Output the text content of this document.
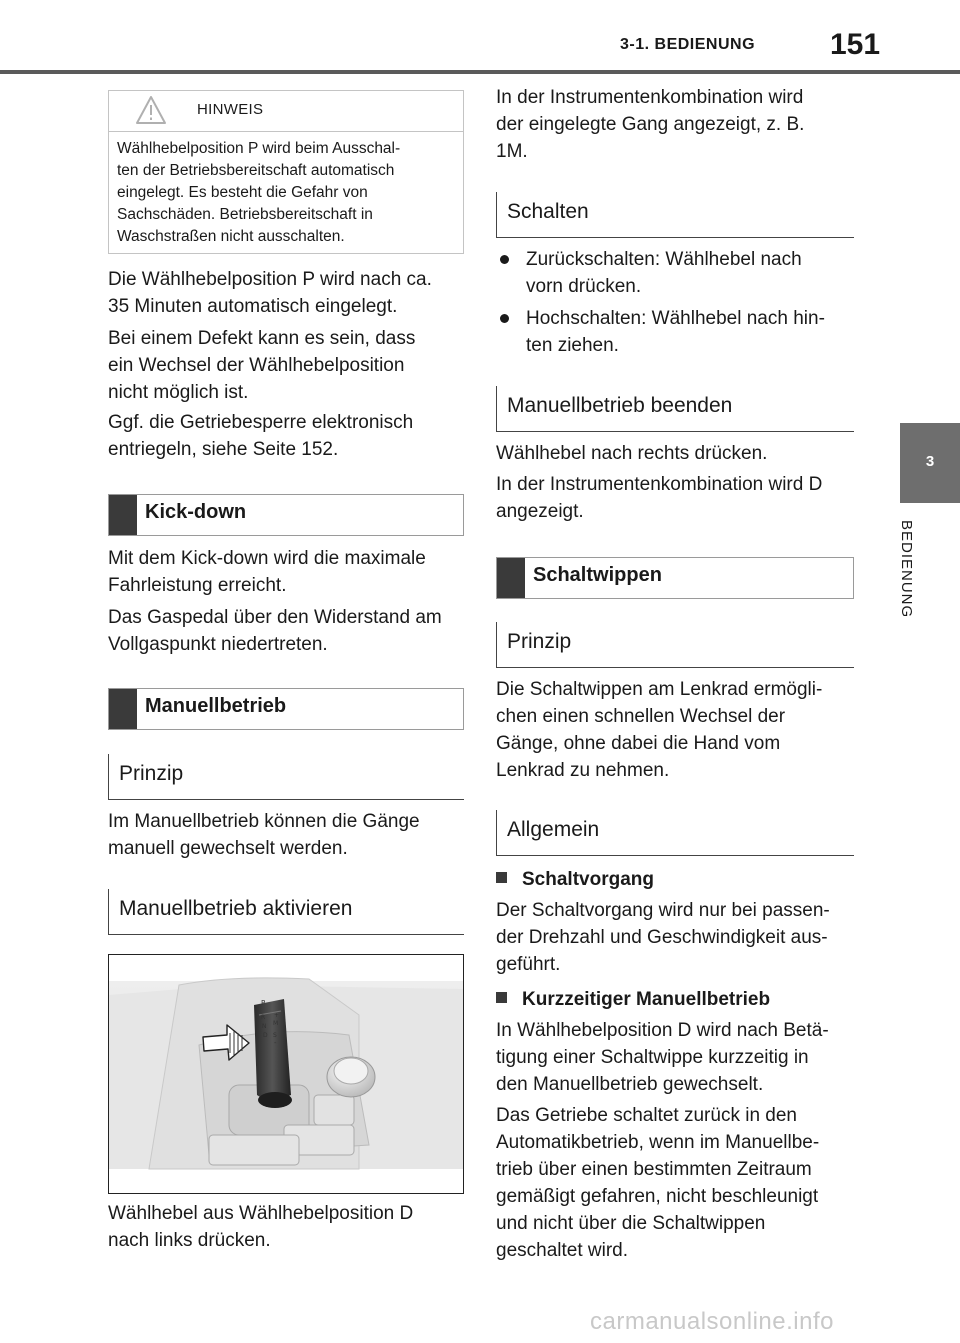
3-1. BEDIENUNG 151
3
BEDIENUNG
HINWEIS
Wählhebelposition P wird beim Ausschal-
ten der Betriebsbereitschaft automatisch
eingelegt. Es besteht die Gefahr von
Sachschäden. Betriebsbereitschaft in
Waschstraßen nicht ausschalten.
Die Wählhebelposition P wird nach ca.
35 Minuten automatisch eingelegt.
Bei einem Defekt kann es sein, dass
ein Wechsel der Wählhebelposition
nicht möglich ist.
Ggf. die Getriebesperre elektronisch
entriegeln, siehe Seite 152.
Kick-down
Mit dem Kick-down wird die maximale
Fahrleistung erreicht.
Das Gaspedal über den Widerstand am
Vollgaspunkt niedertreten.
Manuellbetrieb
Prinzip
Im Manuellbetrieb können die Gänge
manuell gewechselt werden.
Manuellbetrieb aktivieren
P
R
N
D S
M
+
-
Wählhebel aus Wählhebelposition D
nach links drücken.
In der Instrumentenkombination wird
der eingelegte Gang angezeigt, z. B.
1M.
Schalten
Zurückschalten: Wählhebel nach
vorn drücken.
Hochschalten: Wählhebel nach hin-
ten ziehen.
Manuellbetrieb beenden
Wählhebel nach rechts drücken.
In der Instrumentenkombination wird D
angezeigt.
Schaltwippen
Prinzip
Die Schaltwippen am Lenkrad ermögli-
chen einen schnellen Wechsel der
Gänge, ohne dabei die Hand vom
Lenkrad zu nehmen.
Allgemein
Schaltvorgang
Der Schaltvorgang wird nur bei passen-
der Drehzahl und Geschwindigkeit aus-
geführt.
Kurzzeitiger Manuellbetrieb
In Wählhebelposition D wird nach Betä-
tigung einer Schaltwippe kurzzeitig in
den Manuellbetrieb gewechselt.
Das Getriebe schaltet zurück in den
Automatikbetrieb, wenn im Manuellbe-
trieb über einen bestimmten Zeitraum
gemäßigt gefahren, nicht beschleunigt
und nicht über die Schaltwippen
geschaltet wird.
carmanualsonline.info
